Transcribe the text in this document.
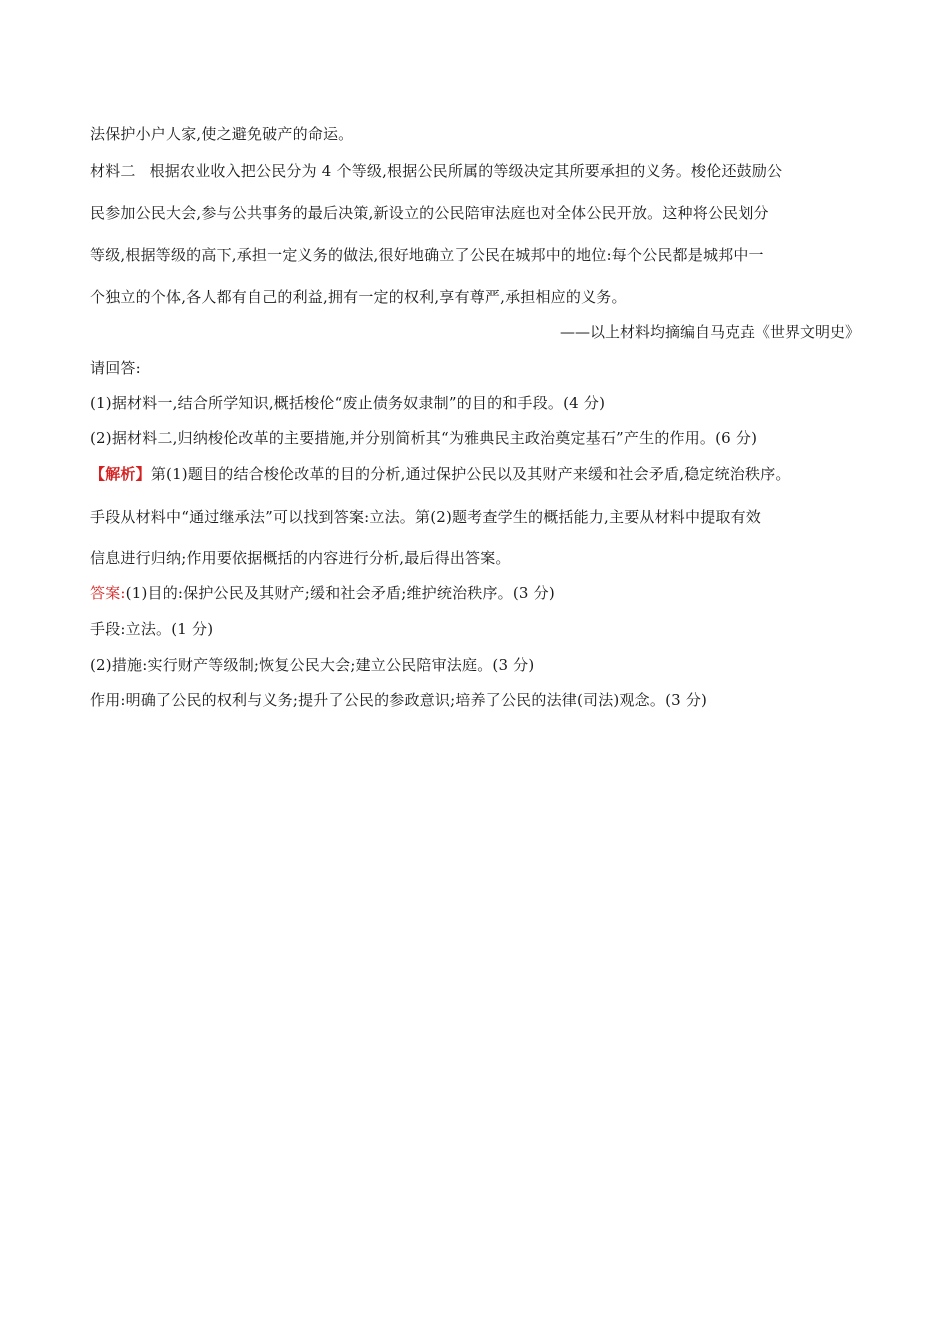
法保护小户人家,使之避免破产的命运。
材料二 根据农业收入把公民分为 4 个等级,根据公民所属的等级决定其所要承担的义务。梭伦还鼓励公
民参加公民大会,参与公共事务的最后决策,新设立的公民陪审法庭也对全体公民开放。这种将公民划分
等级,根据等级的高下,承担一定义务的做法,很好地确立了公民在城邦中的地位:每个公民都是城邦中一
个独立的个体,各人都有自己的利益,拥有一定的权利,享有尊严,承担相应的义务。
——以上材料均摘编自马克垚《世界文明史》
请回答:
(1)据材料一,结合所学知识,概括梭伦“废止债务奴隶制”的目的和手段。(4 分)
(2)据材料二,归纳梭伦改革的主要措施,并分别简析其“为雅典民主政治奠定基石”产生的作用。(6 分)
【解析】第(1)题目的结合梭伦改革的目的分析,通过保护公民以及其财产来缓和社会矛盾,稳定统治秩序。
手段从材料中“通过继承法”可以找到答案:立法。第(2)题考查学生的概括能力,主要从材料中提取有效
信息进行归纳;作用要依据概括的内容进行分析,最后得出答案。
答案:(1)目的:保护公民及其财产;缓和社会矛盾;维护统治秩序。(3 分)
手段:立法。(1 分)
(2)措施:实行财产等级制;恢复公民大会;建立公民陪审法庭。(3 分)
作用:明确了公民的权利与义务;提升了公民的参政意识;培养了公民的法律(司法)观念。(3 分)
